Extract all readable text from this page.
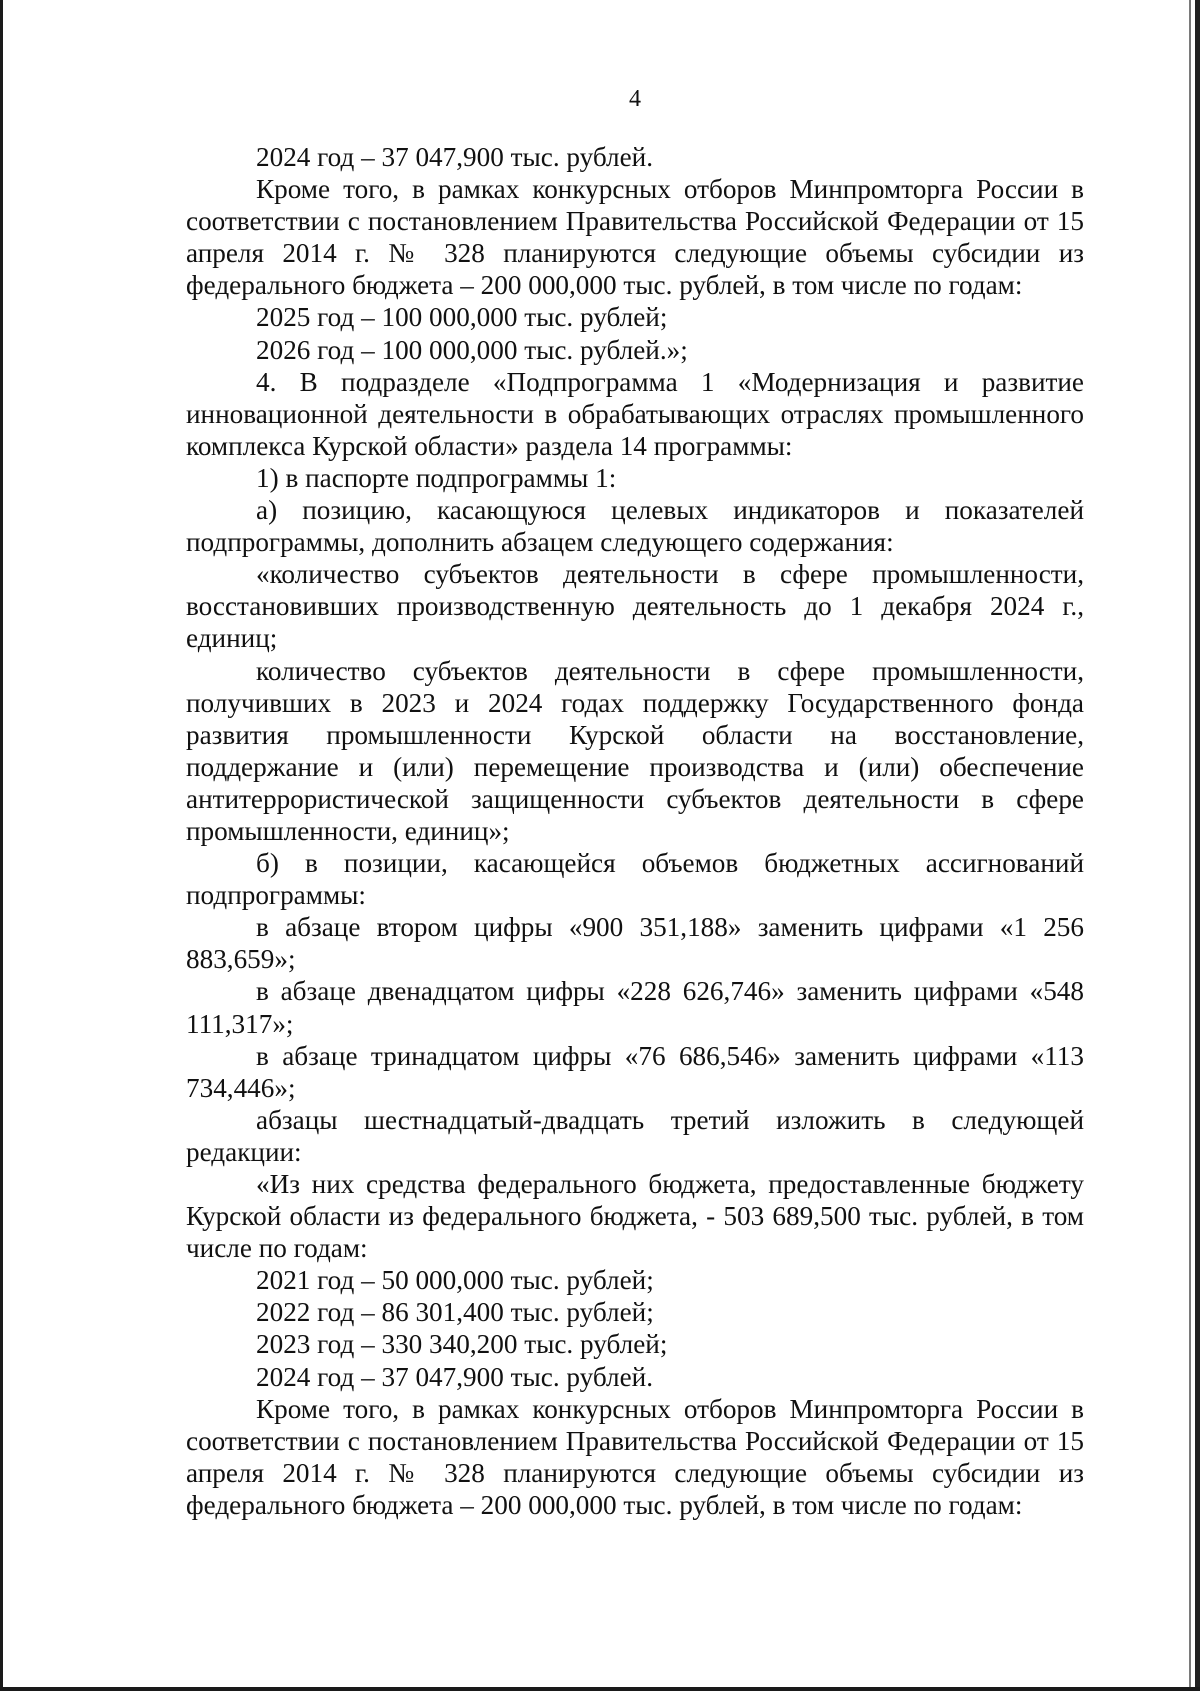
4

2024 год – 37 047,900 тыс. рублей.

Кроме того, в рамках конкурсных отборов Минпромторга России в соответствии с постановлением Правительства Российской Федерации от 15 апреля 2014 г. № 328 планируются следующие объемы субсидии из федерального бюджета – 200 000,000 тыс. рублей, в том числе по годам:

2025 год – 100 000,000 тыс. рублей;

2026 год – 100 000,000 тыс. рублей.»;

4. В подразделе «Подпрограмма 1 «Модернизация и развитие инновационной деятельности в обрабатывающих отраслях промышленного комплекса Курской области» раздела 14 программы:

1) в паспорте подпрограммы 1:

а) позицию, касающуюся целевых индикаторов и показателей подпрограммы, дополнить абзацем следующего содержания:

«количество субъектов деятельности в сфере промышленности, восстановивших производственную деятельность до 1 декабря 2024 г., единиц;

количество субъектов деятельности в сфере промышленности, получивших в 2023 и 2024 годах поддержку Государственного фонда развития промышленности Курской области на восстановление, поддержание и (или) перемещение производства и (или) обеспечение антитеррористической защищенности субъектов деятельности в сфере промышленности, единиц»;

б) в позиции, касающейся объемов бюджетных ассигнований подпрограммы:

в абзаце втором цифры «900 351,188» заменить цифрами «1 256 883,659»;

в абзаце двенадцатом цифры «228 626,746» заменить цифрами «548 111,317»;

в абзаце тринадцатом цифры «76 686,546» заменить цифрами «113 734,446»;

абзацы шестнадцатый-двадцать третий изложить в следующей редакции:

«Из них средства федерального бюджета, предоставленные бюджету Курской области из федерального бюджета, - 503 689,500 тыс. рублей, в том числе по годам:

2021 год – 50 000,000 тыс. рублей;

2022 год – 86 301,400 тыс. рублей;

2023 год – 330 340,200 тыс. рублей;

2024 год – 37 047,900 тыс. рублей.

Кроме того, в рамках конкурсных отборов Минпромторга России в соответствии с постановлением Правительства Российской Федерации от 15 апреля 2014 г. № 328 планируются следующие объемы субсидии из федерального бюджета – 200 000,000 тыс. рублей, в том числе по годам:
